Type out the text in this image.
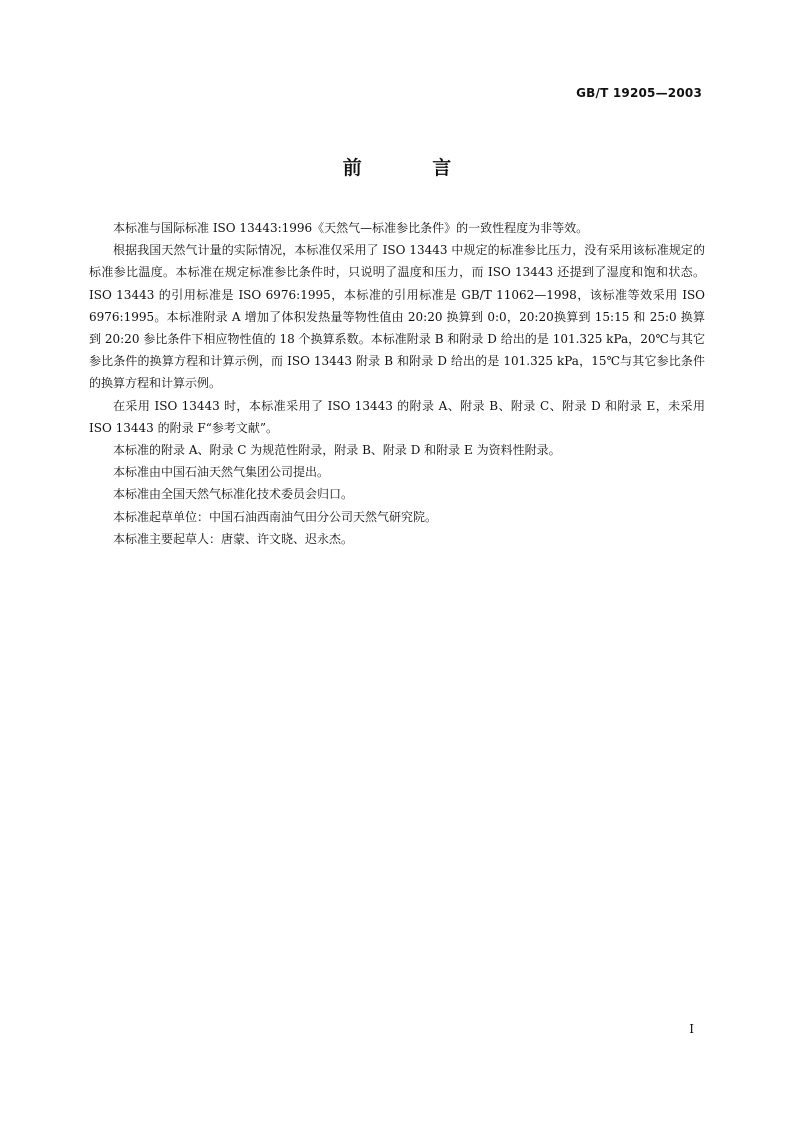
GB/T 19205—2003
前 言

本标准与国际标准 ISO 13443:1996《天然气—标准参比条件》的一致性程度为非等效。

根据我国天然气计量的实际情况，本标准仅采用了 ISO 13443 中规定的标准参比压力，没有采用该标准规定的标准参比温度。本标准在规定标准参比条件时，只说明了温度和压力，而 ISO 13443 还提到了湿度和饱和状态。ISO 13443 的引用标准是 ISO 6976:1995，本标准的引用标准是 GB/T 11062—1998，该标准等效采用 ISO 6976:1995。本标准附录 A 增加了体积发热量等物性值由 20:20 换算到 0:0，20:20换算到 15:15 和 25:0 换算到 20:20 参比条件下相应物性值的 18 个换算系数。本标准附录 B 和附录 D 给出的是 101.325 kPa，20℃与其它参比条件的换算方程和计算示例，而 ISO 13443 附录 B 和附录 D 给出的是 101.325 kPa，15℃与其它参比条件的换算方程和计算示例。

在采用 ISO 13443 时，本标准采用了 ISO 13443 的附录 A、附录 B、附录 C、附录 D 和附录 E，未采用 ISO 13443 的附录 F“参考文献”。

本标准的附录 A、附录 C 为规范性附录，附录 B、附录 D 和附录 E 为资料性附录。

本标准由中国石油天然气集团公司提出。

本标准由全国天然气标准化技术委员会归口。

本标准起草单位：中国石油西南油气田分公司天然气研究院。

本标准主要起草人：唐蒙、许文晓、迟永杰。

I
